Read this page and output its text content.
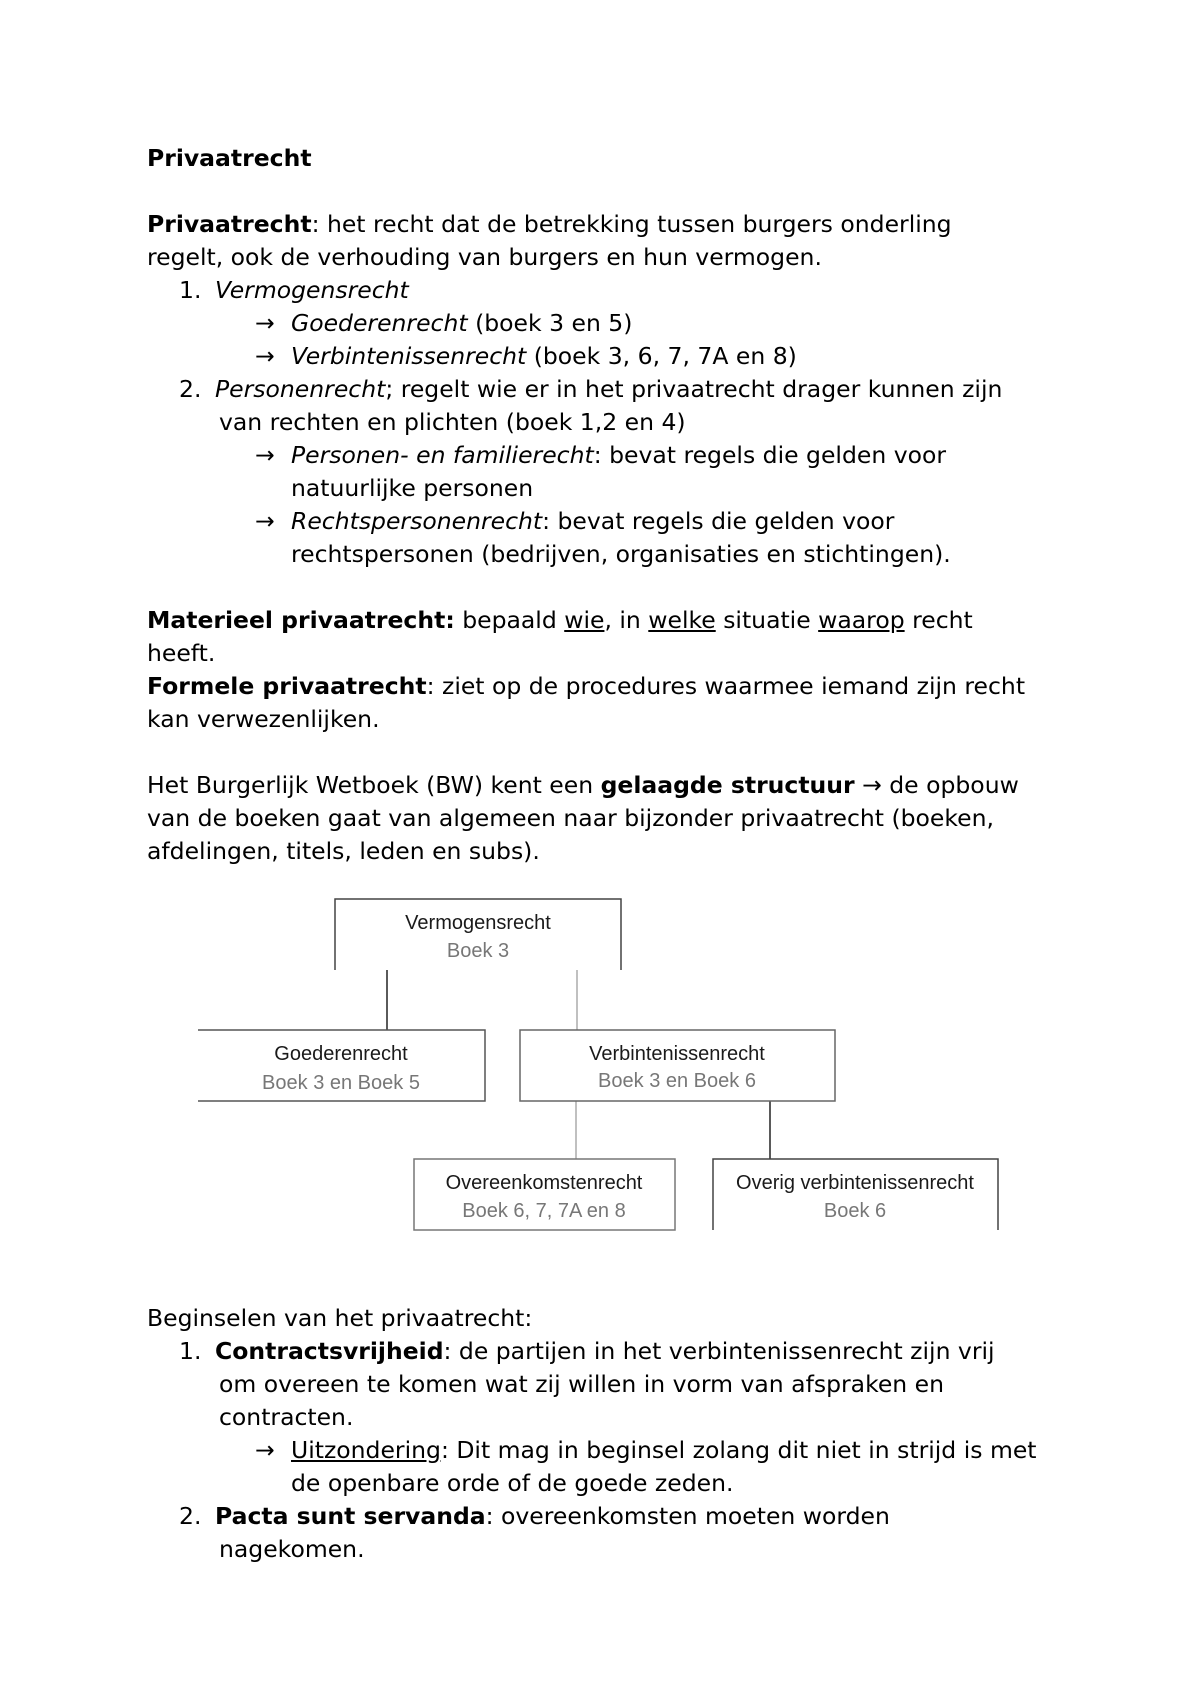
Privaatrecht
Privaatrecht: het recht dat de betrekking tussen burgers onderling
regelt, ook de verhouding van burgers en hun vermogen.
1. Vermogensrecht
→ Goederenrecht (boek 3 en 5)
→ Verbintenissenrecht (boek 3, 6, 7, 7A en 8)
2. Personenrecht; regelt wie er in het privaatrecht drager kunnen zijn
van rechten en plichten (boek 1,2 en 4)
→ Personen- en familierecht: bevat regels die gelden voor
natuurlijke personen
→ Rechtspersonenrecht: bevat regels die gelden voor
rechtspersonen (bedrijven, organisaties en stichtingen).
Materieel privaatrecht: bepaald wie, in welke situatie waarop recht
heeft.
Formele privaatrecht: ziet op de procedures waarmee iemand zijn recht
kan verwezenlijken.
Het Burgerlijk Wetboek (BW) kent een gelaagde structuur → de opbouw
van de boeken gaat van algemeen naar bijzonder privaatrecht (boeken,
afdelingen, titels, leden en subs).
Vermogensrecht
Boek 3
Goederenrecht
Boek 3 en Boek 5
Verbintenissenrecht
Boek 3 en Boek 6
Overeenkomstenrecht
Boek 6, 7, 7A en 8
Overig verbintenissenrecht
Boek 6
Beginselen van het privaatrecht:
1. Contractsvrijheid: de partijen in het verbintenissenrecht zijn vrij
om overeen te komen wat zij willen in vorm van afspraken en
contracten.
→ Uitzondering: Dit mag in beginsel zolang dit niet in strijd is met
de openbare orde of de goede zeden.
2. Pacta sunt servanda: overeenkomsten moeten worden
nagekomen.
